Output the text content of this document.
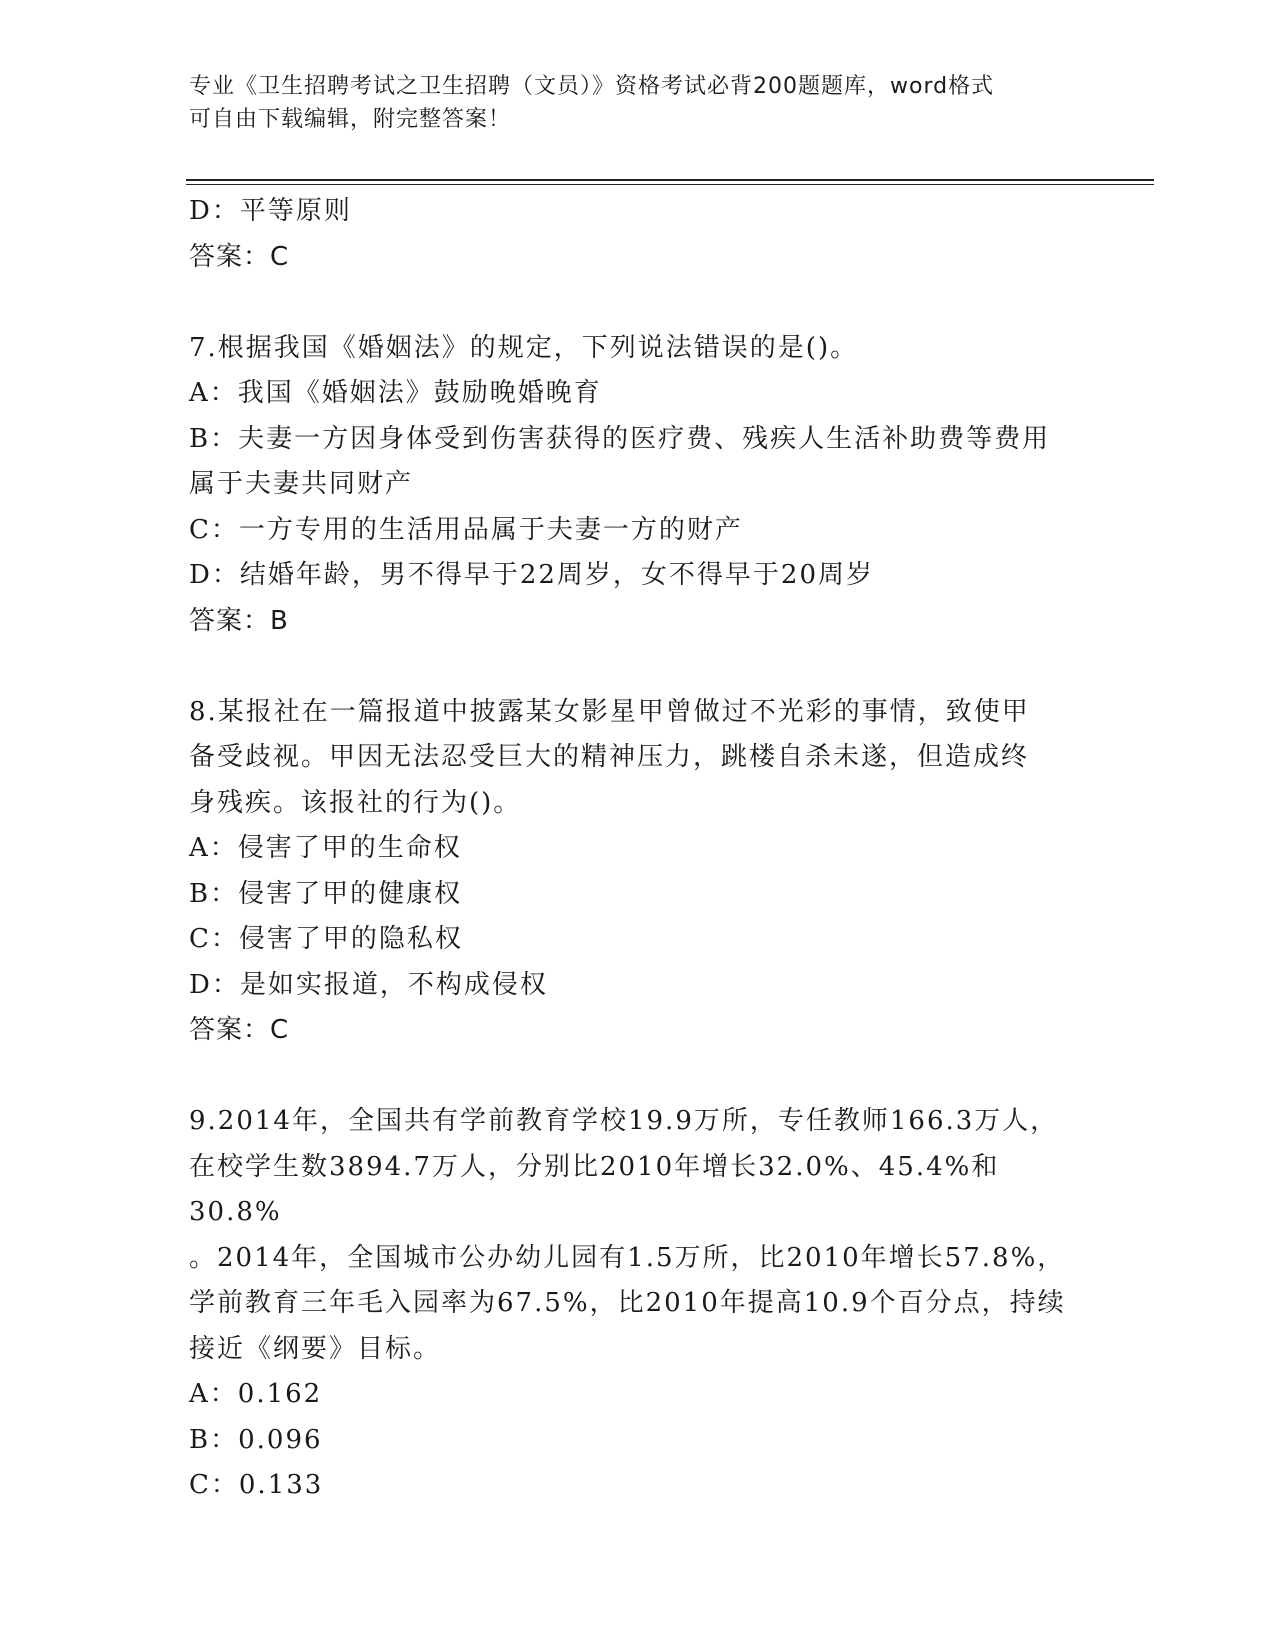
专业《卫生招聘考试之卫生招聘（文员）》资格考试必背200题题库，word格式
可自由下载编辑，附完整答案！
D：平等原则
答案：C
7.根据我国《婚姻法》的规定，下列说法错误的是()。
A：我国《婚姻法》鼓励晚婚晚育
B：夫妻一方因身体受到伤害获得的医疗费、残疾人生活补助费等费用
属于夫妻共同财产
C：一方专用的生活用品属于夫妻一方的财产
D：结婚年龄，男不得早于22周岁，女不得早于20周岁
答案：B
8.某报社在一篇报道中披露某女影星甲曾做过不光彩的事情，致使甲
备受歧视。甲因无法忍受巨大的精神压力，跳楼自杀未遂，但造成终
身残疾。该报社的行为()。
A：侵害了甲的生命权
B：侵害了甲的健康权
C：侵害了甲的隐私权
D：是如实报道，不构成侵权
答案：C
9.2014年，全国共有学前教育学校19.9万所，专任教师166.3万人，
在校学生数3894.7万人，分别比2010年增长32.0%、45.4%和30.8%
。2014年，全国城市公办幼儿园有1.5万所，比2010年增长57.8%，
学前教育三年毛入园率为67.5%，比2010年提高10.9个百分点，持续
接近《纲要》目标。
A：0.162
B：0.096
C：0.133
